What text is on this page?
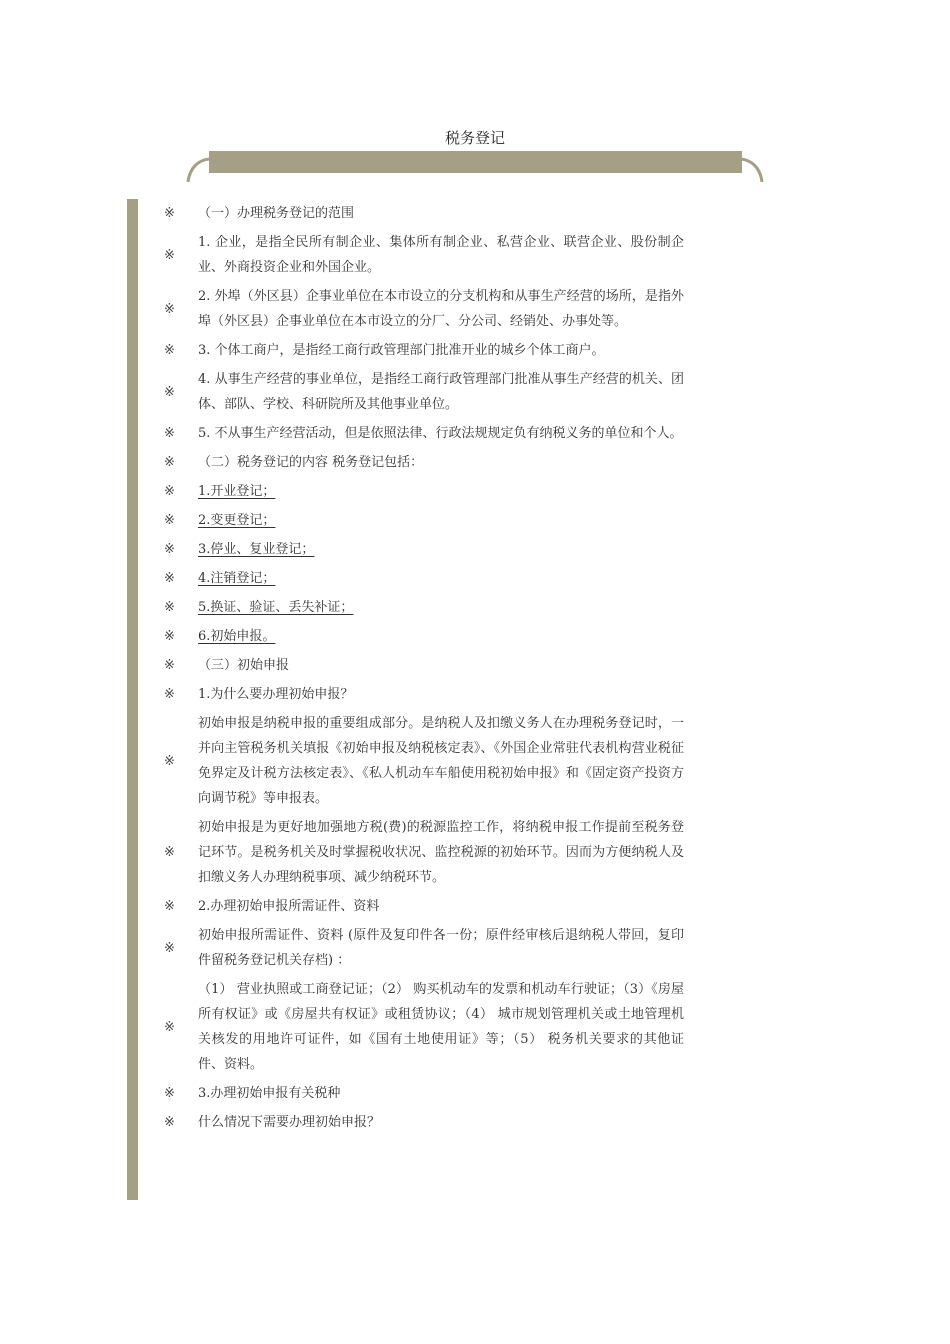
税务登记
※	（一）办理税务登记的范围
※
1. 企业，是指全民所有制企业、集体所有制企业、私营企业、联营企业、股份制企业、外商投资企业和外国企业。
※
2. 外埠（外区县）企事业单位在本市设立的分支机构和从事生产经营的场所，是指外埠（外区县）企事业单位在本市设立的分厂、分公司、经销处、办事处等。
※	3. 个体工商户，是指经工商行政管理部门批准开业的城乡个体工商户。
※
4. 从事生产经营的事业单位，是指经工商行政管理部门批准从事生产经营的机关、团体、部队、学校、科研院所及其他事业单位。
※	5. 不从事生产经营活动，但是依照法律、行政法规规定负有纳税义务的单位和个人。
※	（二）税务登记的内容 税务登记包括：
※	1.开业登记；
※	2.变更登记；
※	3.停业、复业登记；
※	4.注销登记；
※	5.换证、验证、丢失补证；
※	6.初始申报。
※	（三）初始申报
※	1.为什么要办理初始申报？
※
初始申报是纳税申报的重要组成部分。是纳税人及扣缴义务人在办理税务登记时，一并向主管税务机关填报《初始申报及纳税核定表》、《外国企业常驻代表机构营业税征免界定及计税方法核定表》、《私人机动车车船使用税初始申报》和《固定资产投资方向调节税》等申报表。
※
初始申报是为更好地加强地方税(费)的税源监控工作，将纳税申报工作提前至税务登记环节。是税务机关及时掌握税收状况、监控税源的初始环节。因而为方便纳税人及扣缴义务人办理纳税事项、减少纳税环节。
※	2.办理初始申报所需证件、资料
※
初始申报所需证件、资料 (原件及复印件各一份；原件经审核后退纳税人带回，复印件留税务登记机关存档) ：
※
（1） 营业执照或工商登记证；（2） 购买机动车的发票和机动车行驶证；（3）《房屋所有权证》或《房屋共有权证》或租赁协议；（4） 城市规划管理机关或土地管理机关核发的用地许可证件，如《国有土地使用证》等；（5） 税务机关要求的其他证件、资料。
※	3.办理初始申报有关税种
※	什么情况下需要办理初始申报？
